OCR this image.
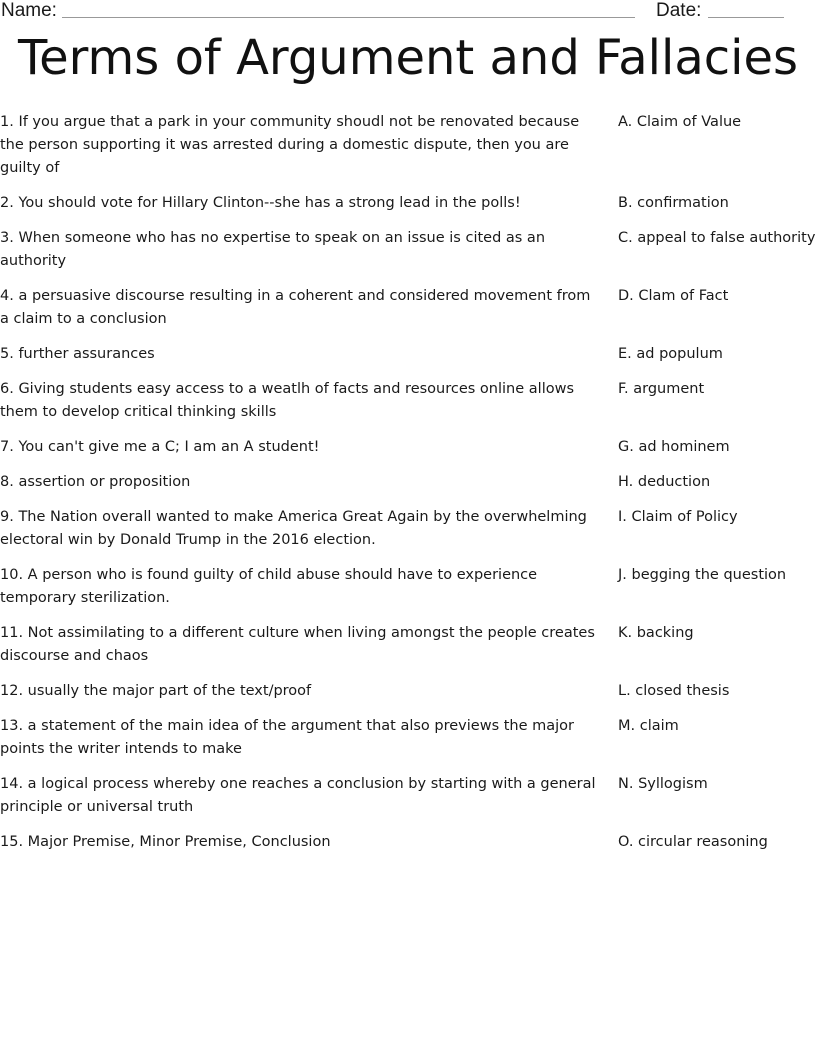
Name:	Date:
Terms of Argument and Fallacies
1. If you argue that a park in your community shoudl not be renovated because the person supporting it was arrested during a domestic dispute, then you are guilty of
A. Claim of Value
2. You should vote for Hillary Clinton--she has a strong lead in the polls!	B. confirmation
3. When someone who has no expertise to speak on an issue is cited as an authority
C. appeal to false authority
4. a persuasive discourse resulting in a coherent and considered movement from a claim to a conclusion
D. Clam of Fact
5. further assurances	E. ad populum
6. Giving students easy access to a weatlh of facts and resources online allows them to develop critical thinking skills
F. argument
7. You can't give me a C; I am an A student!	G. ad hominem
8. assertion or proposition	H. deduction
9. The Nation overall wanted to make America Great Again by the overwhelming electoral win by Donald Trump in the 2016 election.
I. Claim of Policy
10. A person who is found guilty of child abuse should have to experience temporary sterilization.
J. begging the question
11. Not assimilating to a different culture when living amongst the people creates discourse and chaos
K. backing
12. usually the major part of the text/proof	L. closed thesis
13. a statement of the main idea of the argument that also previews the major points the writer intends to make
M. claim
14. a logical process whereby one reaches a conclusion by starting with a general principle or universal truth
N. Syllogism
15. Major Premise, Minor Premise, Conclusion	O. circular reasoning
